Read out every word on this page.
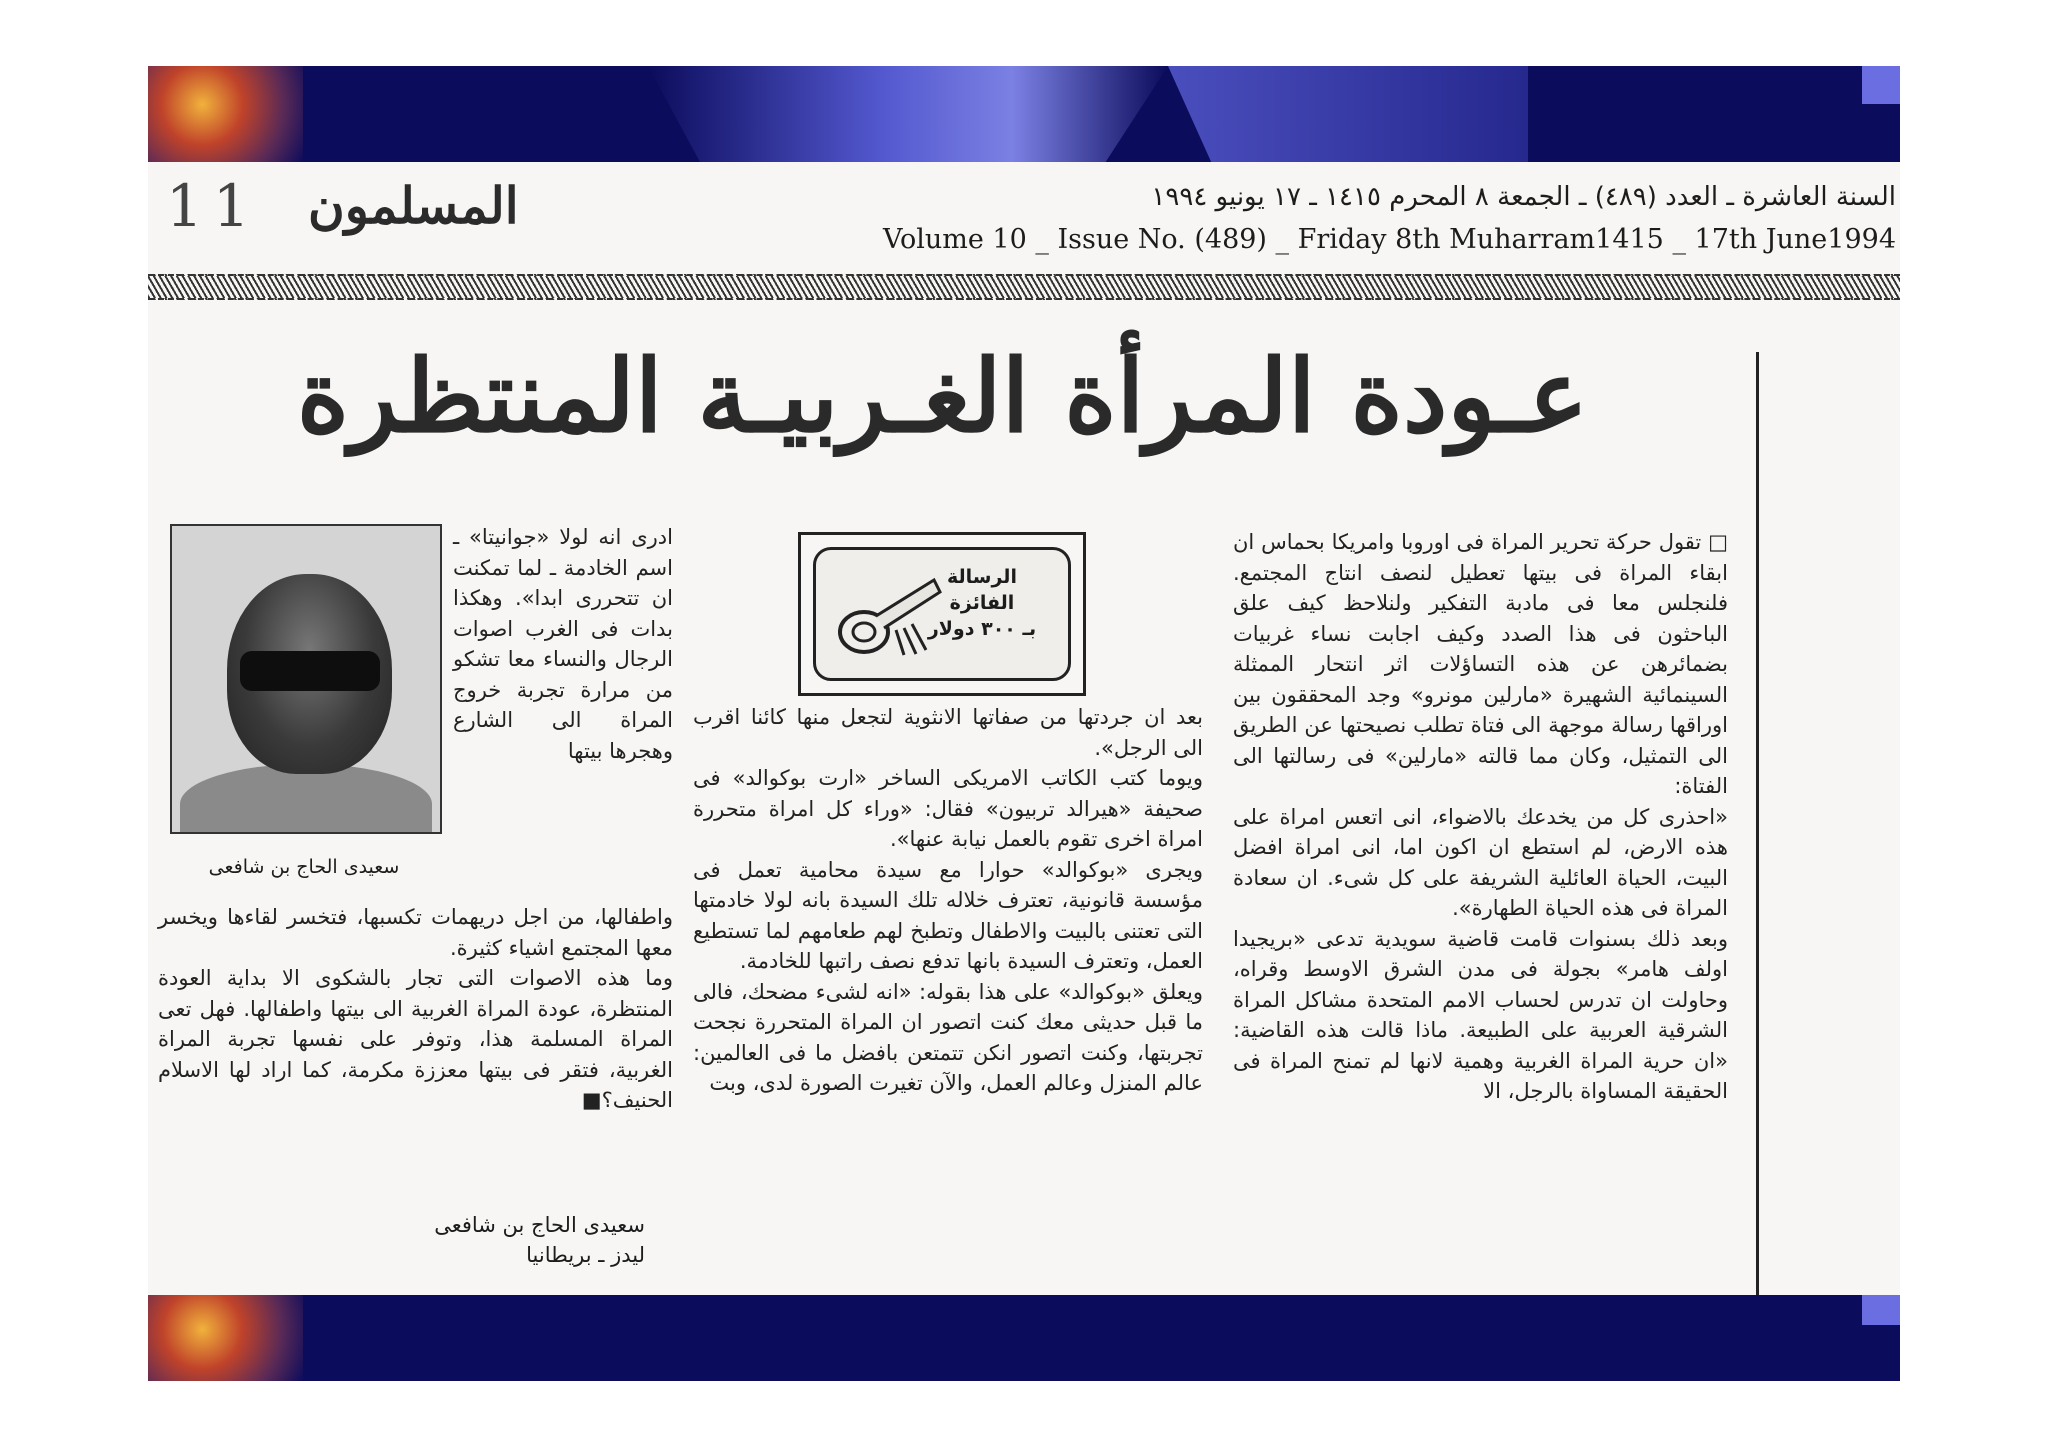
11 المسلمون	السنة العاشرة ـ العدد (٤٨٩) ـ الجمعة ٨ المحرم ١٤١٥ ـ ١٧ يونيو ١٩٩٤
Volume 10 _ Issue No. (489) _ Friday 8th Muharram1415 _ 17th June1994
عـودة المرأة الغـربيـة المنتظرة

□ تقول حركة تحرير المراة فى اوروبا وامريكا بحماس ان ابقاء المراة فى بيتها تعطيل لنصف انتاج المجتمع. فلنجلس معا فى مادبة التفكير ولنلاحظ كيف علق الباحثون فى هذا الصدد وكيف اجابت نساء غربيات بضمائرهن عن هذه التساؤلات اثر انتحار الممثلة السينمائية الشهيرة «مارلين مونرو» وجد المحققون بين اوراقها رسالة موجهة الى فتاة تطلب نصيحتها عن الطريق الى التمثيل، وكان مما قالته «مارلين» فى رسالتها الى الفتاة:

«احذرى كل من يخدعك بالاضواء، انى اتعس امراة على هذه الارض، لم استطع ان اكون اما، انى امراة افضل البيت، الحياة العائلية الشريفة على كل شىء. ان سعادة المراة فى هذه الحياة الطهارة».

وبعد ذلك بسنوات قامت قاضية سويدية تدعى «بريجيدا اولف هامر» بجولة فى مدن الشرق الاوسط وقراه، وحاولت ان تدرس لحساب الامم المتحدة مشاكل المراة الشرقية العربية على الطبيعة. ماذا قالت هذه القاضية: «ان حرية المراة الغربية وهمية لانها لم تمنح المراة فى الحقيقة المساواة بالرجل، الا

الرسالة الفائزة
بـ ٣٠٠ دولار

بعد ان جردتها من صفاتها الانثوية لتجعل منها كائنا اقرب الى الرجل».

ويوما كتب الكاتب الامريكى الساخر «ارت بوكوالد» فى صحيفة «هيرالد تربيون» فقال: «وراء كل امراة متحررة امراة اخرى تقوم بالعمل نيابة عنها».

ويجرى «بوكوالد» حوارا مع سيدة محامية تعمل فى مؤسسة قانونية، تعترف خلاله تلك السيدة بانه لولا خادمتها التى تعتنى بالبيت والاطفال وتطبخ لهم طعامهم لما تستطيع العمل، وتعترف السيدة بانها تدفع نصف راتبها للخادمة.

ويعلق «بوكوالد» على هذا بقوله: «انه لشىء مضحك، فالى ما قبل حديثى معك كنت اتصور ان المراة المتحررة نجحت تجربتها، وكنت اتصور انكن تتمتعن بافضل ما فى العالمين: عالم المنزل وعالم العمل، والآن تغيرت الصورة لدى، وبت

سعيدى الحاج بن شافعى

ادرى انه لولا «جوانيتا» ـ اسم الخادمة ـ لما تمكنت ان تتحررى ابدا». وهكذا بدات فى الغرب اصوات الرجال والنساء معا تشكو من مرارة تجربة خروج المراة الى الشارع وهجرها بيتها

واطفالها، من اجل دريهمات تكسبها، فتخسر لقاءها ويخسر معها المجتمع اشياء كثيرة.

وما هذه الاصوات التى تجار بالشكوى الا بداية العودة المنتظرة، عودة المراة الغربية الى بيتها واطفالها. فهل تعى المراة المسلمة هذا، وتوفر على نفسها تجربة المراة الغربية، فتقر فى بيتها معززة مكرمة، كما اراد لها الاسلام الحنيف؟■

سعيدى الحاج بن شافعى
ليدز ـ بريطانيا
